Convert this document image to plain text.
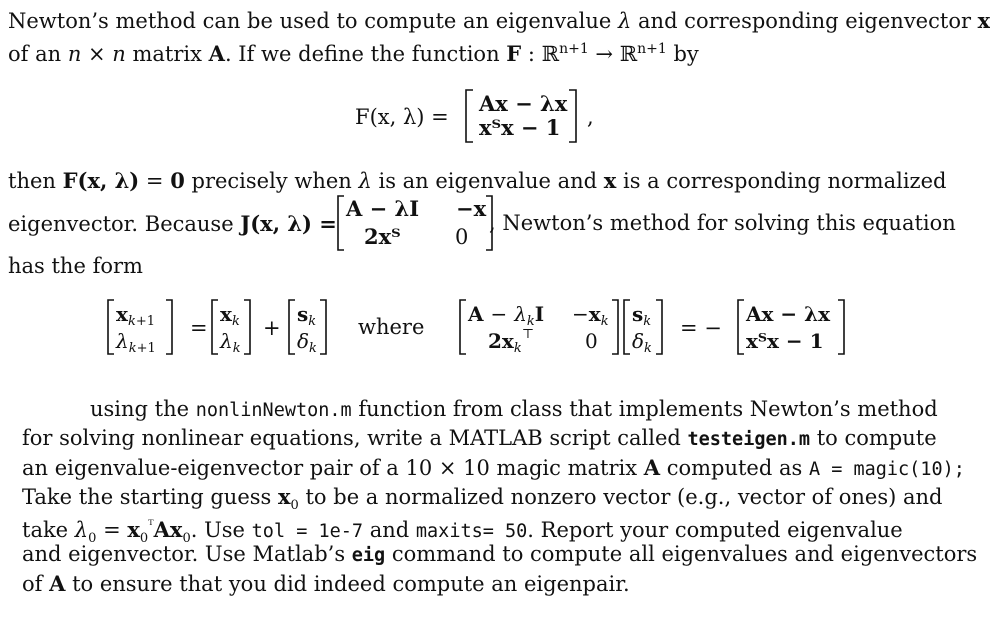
Newton’s method can be used to compute an eigenvalue λ and corresponding eigenvector x
of an n × n matrix A. If we define the function F : ℝ$^{n+1}$ → ℝ$^{n+1}$ by
F(x, λ) =
Ax − λx
xᵀx − 1 ,
then F(x, λ) = 0 precisely when λ is an eigenvalue and x is a corresponding normalized
eigenvector. Because J(x, λ) =
A − λI −x
2xᵀ	0
, Newton’s method for solving this equation
has the form
$x_k+1$
$\lambda_k+1$
=
$x_k$
$\lambda_k$
+
$s_k$
$\delta_k$
where
$A - \lambda_kI -x_k$
$2x_k^⊤$	0
$s_k$
$\delta_k$
= −
Ax − λx
xᵀx − 1
using the nonlinNewton.m function from class that implements Newton’s method
for solving nonlinear equations, write a MATLAB script called testeigen.m to compute
an eigenvalue-eigenvector pair of a 10 × 10 magic matrix A computed as A = magic(10);
Take the starting guess $x_0$ to be a normalized nonzero vector (e.g., vector of ones) and
take $\lambda_0 = x_0^ᵀAx_0$. Use tol = 1e-7 and maxits= 50. Report your computed eigenvalue
and eigenvector. Use Matlab’s eig command to compute all eigenvalues and eigenvectors
of A to ensure that you did indeed compute an eigenpair.
